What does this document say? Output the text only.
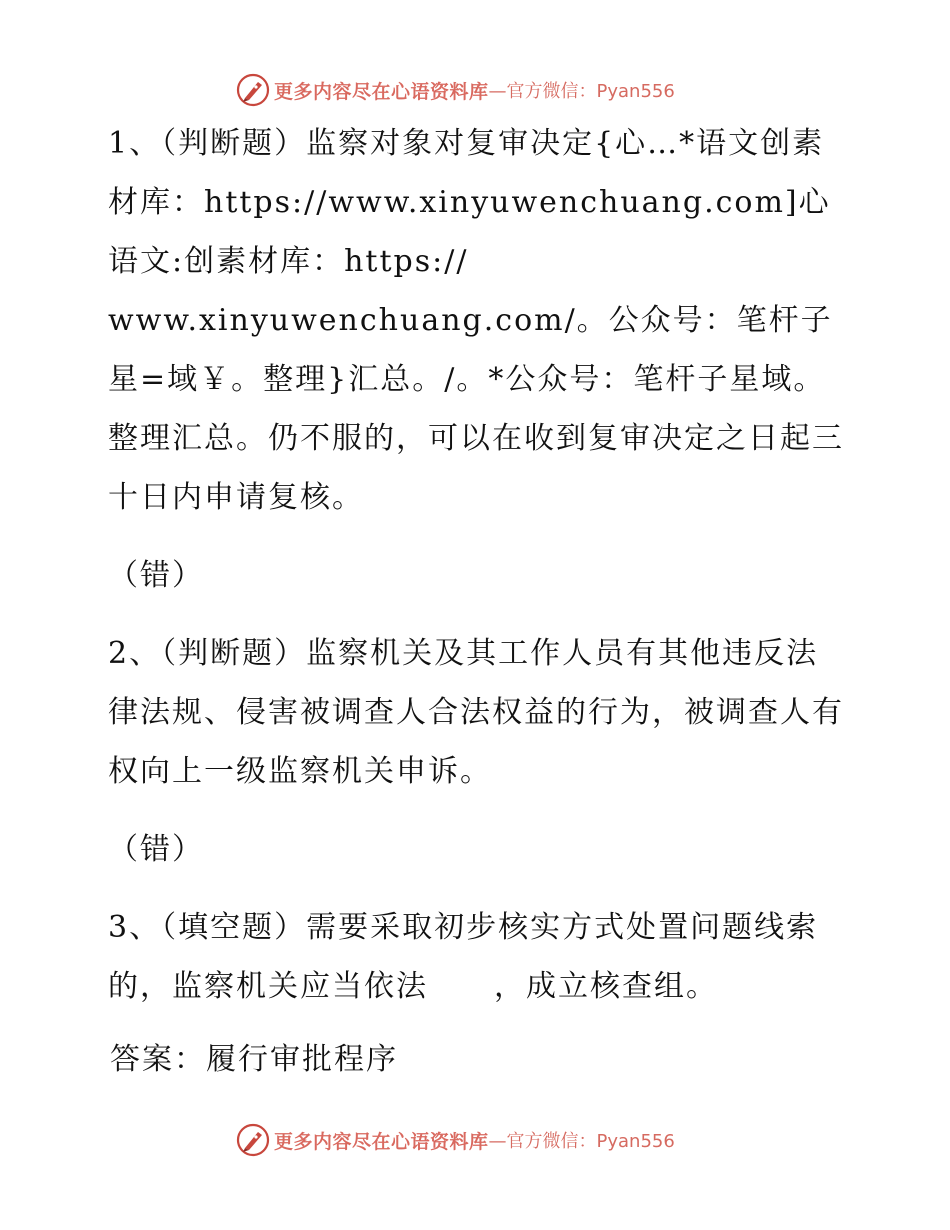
更多内容尽在心语资料库 —官方微信：Pyan556

1、（判断题）监察对象对复审决定{心…*语文创素材库：https://www.xinyuwenchuang.com]心语文:创素材库：https://
www.xinyuwenchuang.com/。公众号：笔杆子星=域￥。整理}汇总。/。*公众号：笔杆子星域。整理汇总。仍不服的，可以在收到复审决定之日起三十日内申请复核。

（错）

2、（判断题）监察机关及其工作人员有其他违反法律法规、侵害被调查人合法权益的行为，被调查人有权向上一级监察机关申诉。

（错）

3、（填空题）需要采取初步核实方式处置问题线索的，监察机关应当依法 ，成立核查组。

答案：履行审批程序

更多内容尽在心语资料库 —官方微信：Pyan556
